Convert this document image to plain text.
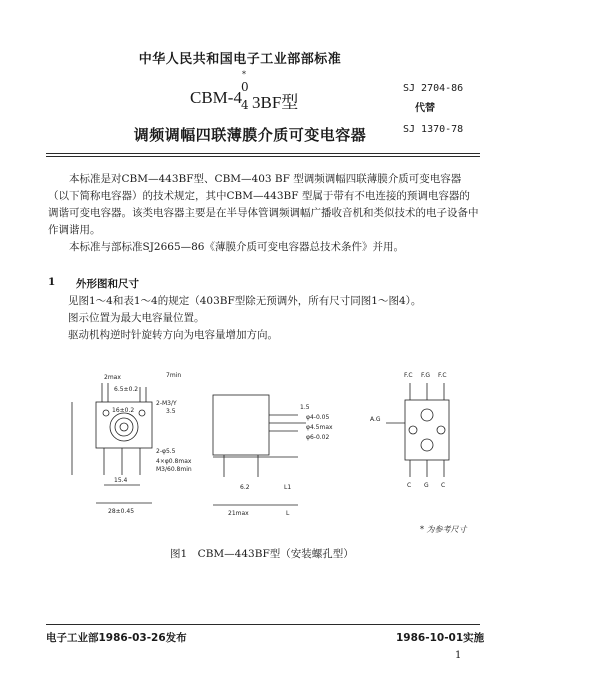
中华人民共和国电子工业部部标准
CBM-4
*
0
4 3BF型
调频调幅四联薄膜介质可变电容器
SJ 2704-86
代替
SJ 1370-78
本标准是对CBM—443BF型、CBM—403 BF 型调频调幅四联薄膜介质可变电容器（以下简称电容器）的技术规定，其中CBM—443BF 型属于带有不电连接的预调电容器的调谐可变电容器。该类电容器主要是在半导体管调频调幅广播收音机和类似技术的电子设备中作调谐用。
本标准与部标准SJ2665—86《薄膜介质可变电容器总技术条件》并用。
1 外形图和尺寸
见图1～4和表1～4的规定（403BF型除无预调外，所有尺寸同图1～图4）。
图示位置为最大电容量位置。
驱动机构逆时针旋转方向为电容量增加方向。
2max
6.5±0.2
7min
16±0.2
2-M3/Y
3.5
2-φ5.5
15.4
28±0.45
4×φ0.8max
M3/60.8min
21max
6.2
L
L1
1.5
φ4-0.05
φ4.5max
φ6-0.02
F.C F.G F.C
A.G
C G C
* 为参考尺寸
图1　CBM—443BF型（安装螺孔型）
电子工业部1986-03-26发布	1986-10-01实施
1
